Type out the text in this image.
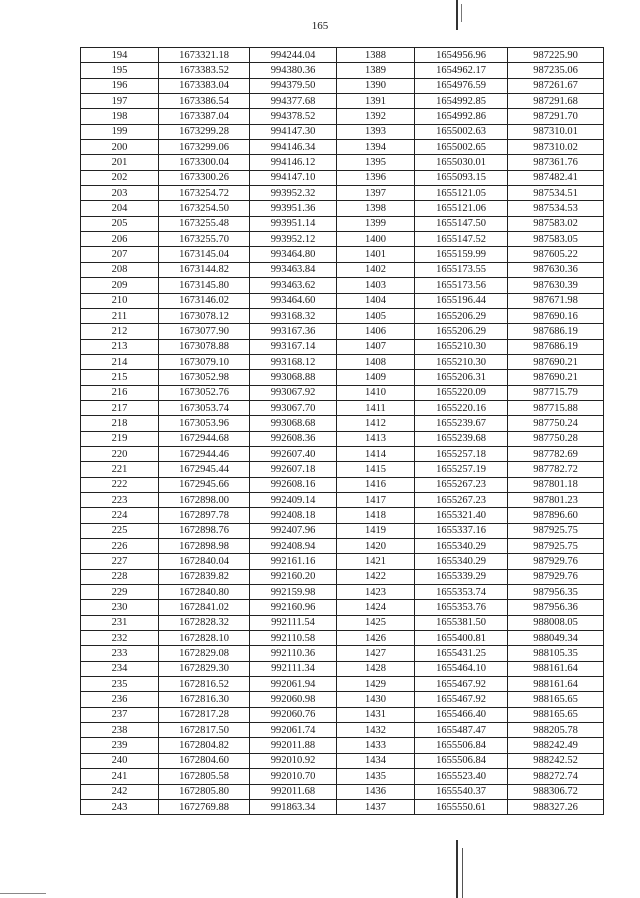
165
194	1673321.18	994244.04	1388	1654956.96	987225.90
195	1673383.52	994380.36	1389	1654962.17	987235.06
196	1673383.04	994379.50	1390	1654976.59	987261.67
197	1673386.54	994377.68	1391	1654992.85	987291.68
198	1673387.04	994378.52	1392	1654992.86	987291.70
199	1673299.28	994147.30	1393	1655002.63	987310.01
200	1673299.06	994146.34	1394	1655002.65	987310.02
201	1673300.04	994146.12	1395	1655030.01	987361.76
202	1673300.26	994147.10	1396	1655093.15	987482.41
203	1673254.72	993952.32	1397	1655121.05	987534.51
204	1673254.50	993951.36	1398	1655121.06	987534.53
205	1673255.48	993951.14	1399	1655147.50	987583.02
206	1673255.70	993952.12	1400	1655147.52	987583.05
207	1673145.04	993464.80	1401	1655159.99	987605.22
208	1673144.82	993463.84	1402	1655173.55	987630.36
209	1673145.80	993463.62	1403	1655173.56	987630.39
210	1673146.02	993464.60	1404	1655196.44	987671.98
211	1673078.12	993168.32	1405	1655206.29	987690.16
212	1673077.90	993167.36	1406	1655206.29	987686.19
213	1673078.88	993167.14	1407	1655210.30	987686.19
214	1673079.10	993168.12	1408	1655210.30	987690.21
215	1673052.98	993068.88	1409	1655206.31	987690.21
216	1673052.76	993067.92	1410	1655220.09	987715.79
217	1673053.74	993067.70	1411	1655220.16	987715.88
218	1673053.96	993068.68	1412	1655239.67	987750.24
219	1672944.68	992608.36	1413	1655239.68	987750.28
220	1672944.46	992607.40	1414	1655257.18	987782.69
221	1672945.44	992607.18	1415	1655257.19	987782.72
222	1672945.66	992608.16	1416	1655267.23	987801.18
223	1672898.00	992409.14	1417	1655267.23	987801.23
224	1672897.78	992408.18	1418	1655321.40	987896.60
225	1672898.76	992407.96	1419	1655337.16	987925.75
226	1672898.98	992408.94	1420	1655340.29	987925.75
227	1672840.04	992161.16	1421	1655340.29	987929.76
228	1672839.82	992160.20	1422	1655339.29	987929.76
229	1672840.80	992159.98	1423	1655353.74	987956.35
230	1672841.02	992160.96	1424	1655353.76	987956.36
231	1672828.32	992111.54	1425	1655381.50	988008.05
232	1672828.10	992110.58	1426	1655400.81	988049.34
233	1672829.08	992110.36	1427	1655431.25	988105.35
234	1672829.30	992111.34	1428	1655464.10	988161.64
235	1672816.52	992061.94	1429	1655467.92	988161.64
236	1672816.30	992060.98	1430	1655467.92	988165.65
237	1672817.28	992060.76	1431	1655466.40	988165.65
238	1672817.50	992061.74	1432	1655487.47	988205.78
239	1672804.82	992011.88	1433	1655506.84	988242.49
240	1672804.60	992010.92	1434	1655506.84	988242.52
241	1672805.58	992010.70	1435	1655523.40	988272.74
242	1672805.80	992011.68	1436	1655540.37	988306.72
243	1672769.88	991863.34	1437	1655550.61	988327.26
